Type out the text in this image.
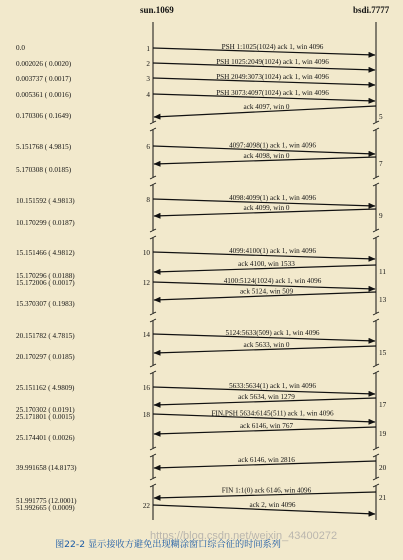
sun.1069	bsdi.7777
PSH 1:1025(1024) ack 1, win 4096
1
0.0
PSH 1025:2049(1024) ack 1, win 4096
2
0.002026 ( 0.0020)
PSH 2049:3073(1024) ack 1, win 4096
3
0.003737 ( 0.0017)
PSH 3073:4097(1024) ack 1, win 4096
4
0.005361 ( 0.0016)
ack 4097, win 0
5
0.170306 ( 0.1649)
4097:4098(1) ack 1, win 4096
6
5.151768 ( 4.9815)
ack 4098, win 0
7
5.170308 ( 0.0185)
4098:4099(1) ack 1, win 4096
8
10.151592 ( 4.9813)
ack 4099, win 0
9
10.170299 ( 0.0187)
4099:4100(1) ack 1, win 4096
10
15.151466 ( 4.9812)
ack 4100, win 1533
11
15.170296 ( 0.0188)
4100:5124(1024) ack 1, win 4096
12
15.172006 ( 0.0017)
ack 5124, win 509
13
15.370307 ( 0.1983)
5124:5633(509) ack 1, win 4096
14
20.151782 ( 4.7815)
ack 5633, win 0
15
20.170297 ( 0.0185)
5633:5634(1) ack 1, win 4096
16
25.151162 ( 4.9809)
ack 5634, win 1279
17
25.170302 ( 0.0191)	FIN,PSH 5634:6145(511) ack 1, win 4096
18
25.171801 ( 0.0015)
ack 6146, win 767
19
25.174401 ( 0.0026)
ack 6146, win 2816
20
39.991658 (14.8173)
FIN 1:1(0) ack 6146, win 4096
21
51.991775 (12.0001)	ack 2, win 4096
22
51.992665 ( 0.0009)
https://blog.csdn.net/weixin_43400272
图22-2 显示接收方避免出现糊涂窗口综合征的时间系列
